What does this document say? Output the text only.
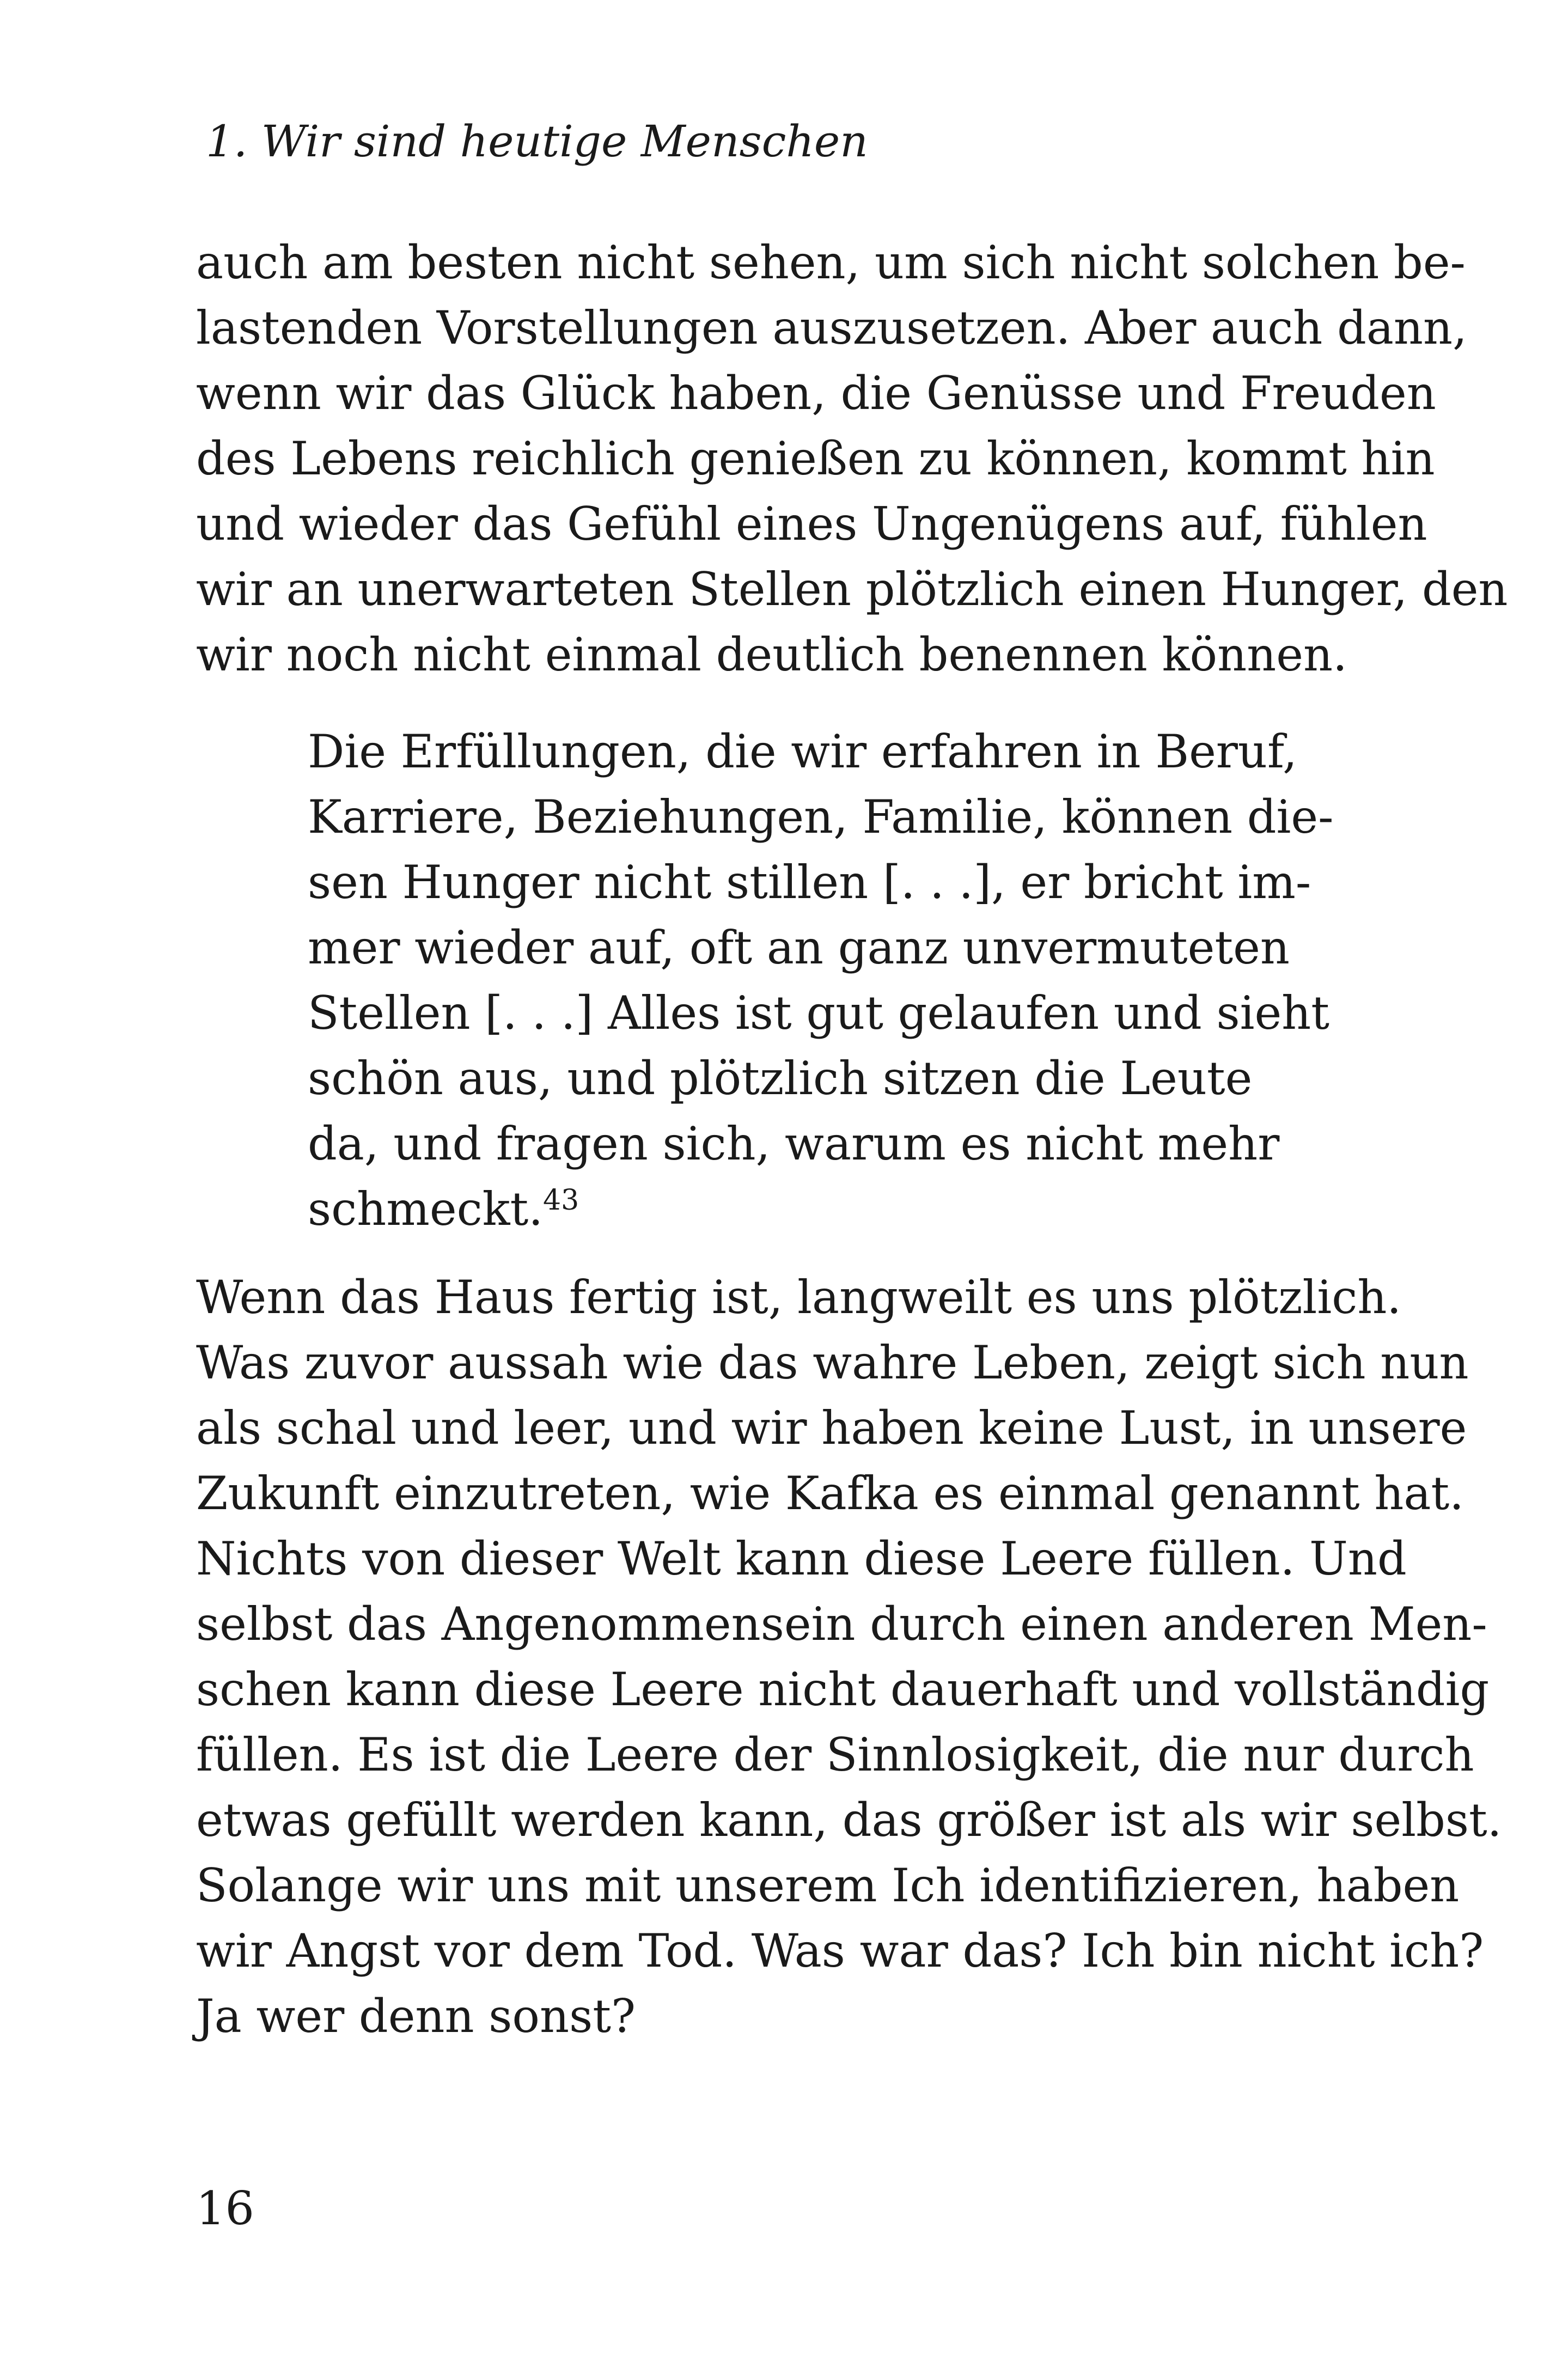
1. Wir sind heutige Menschen
auch am besten nicht sehen, um sich nicht solchen be-
lastenden Vorstellungen auszusetzen. Aber auch dann,
wenn wir das Glück haben, die Genüsse und Freuden
des Lebens reichlich genießen zu können, kommt hin
und wieder das Gefühl eines Ungenügens auf, fühlen
wir an unerwarteten Stellen plötzlich einen Hunger, den
wir noch nicht einmal deutlich benennen können.
Die Erfüllungen, die wir erfahren in Beruf,
Karriere, Beziehungen, Familie, können die-
sen Hunger nicht stillen [. . .], er bricht im-
mer wieder auf, oft an ganz unvermuteten
Stellen [. . .] Alles ist gut gelaufen und sieht
schön aus, und plötzlich sitzen die Leute
da, und fragen sich, warum es nicht mehr
schmeckt.$^{43}$
Wenn das Haus fertig ist, langweilt es uns plötzlich.
Was zuvor aussah wie das wahre Leben, zeigt sich nun
als schal und leer, und wir haben keine Lust, in unsere
Zukunft einzutreten, wie Kafka es einmal genannt hat.
Nichts von dieser Welt kann diese Leere füllen. Und
selbst das Angenommensein durch einen anderen Men-
schen kann diese Leere nicht dauerhaft und vollständig
füllen. Es ist die Leere der Sinnlosigkeit, die nur durch
etwas gefüllt werden kann, das größer ist als wir selbst.
Solange wir uns mit unserem Ich identifizieren, haben
wir Angst vor dem Tod. Was war das? Ich bin nicht ich?
Ja wer denn sonst?
16
